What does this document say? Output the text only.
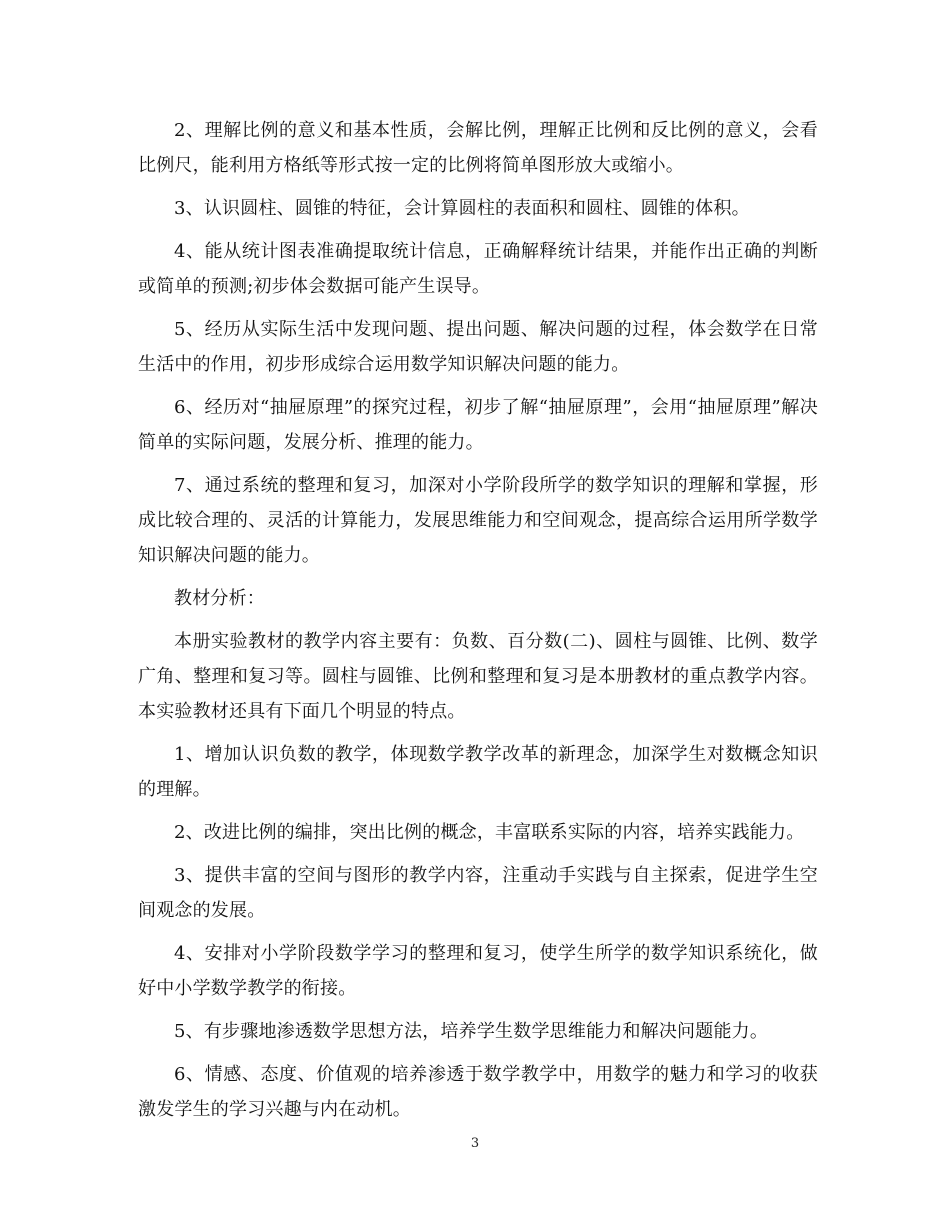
2、理解比例的意义和基本性质，会解比例，理解正比例和反比例的意义，会看比例尺，能利用方格纸等形式按一定的比例将简单图形放大或缩小。

3、认识圆柱、圆锥的特征，会计算圆柱的表面积和圆柱、圆锥的体积。

4、能从统计图表准确提取统计信息，正确解释统计结果，并能作出正确的判断或简单的预测;初步体会数据可能产生误导。

5、经历从实际生活中发现问题、提出问题、解决问题的过程，体会数学在日常生活中的作用，初步形成综合运用数学知识解决问题的能力。

6、经历对“抽屉原理”的探究过程，初步了解“抽屉原理”，会用“抽屉原理”解决简单的实际问题，发展分析、推理的能力。

7、通过系统的整理和复习，加深对小学阶段所学的数学知识的理解和掌握，形成比较合理的、灵活的计算能力，发展思维能力和空间观念，提高综合运用所学数学知识解决问题的能力。

教材分析：

本册实验教材的教学内容主要有：负数、百分数(二)、圆柱与圆锥、比例、数学广角、整理和复习等。圆柱与圆锥、比例和整理和复习是本册教材的重点教学内容。本实验教材还具有下面几个明显的特点。

1、增加认识负数的教学，体现数学教学改革的新理念，加深学生对数概念知识的理解。

2、改进比例的编排，突出比例的概念，丰富联系实际的内容，培养实践能力。

3、提供丰富的空间与图形的教学内容，注重动手实践与自主探索，促进学生空间观念的发展。

4、安排对小学阶段数学学习的整理和复习，使学生所学的数学知识系统化，做好中小学数学教学的衔接。

5、有步骤地渗透数学思想方法，培养学生数学思维能力和解决问题能力。

6、情感、态度、价值观的培养渗透于数学教学中，用数学的魅力和学习的收获激发学生的学习兴趣与内在动机。

3
